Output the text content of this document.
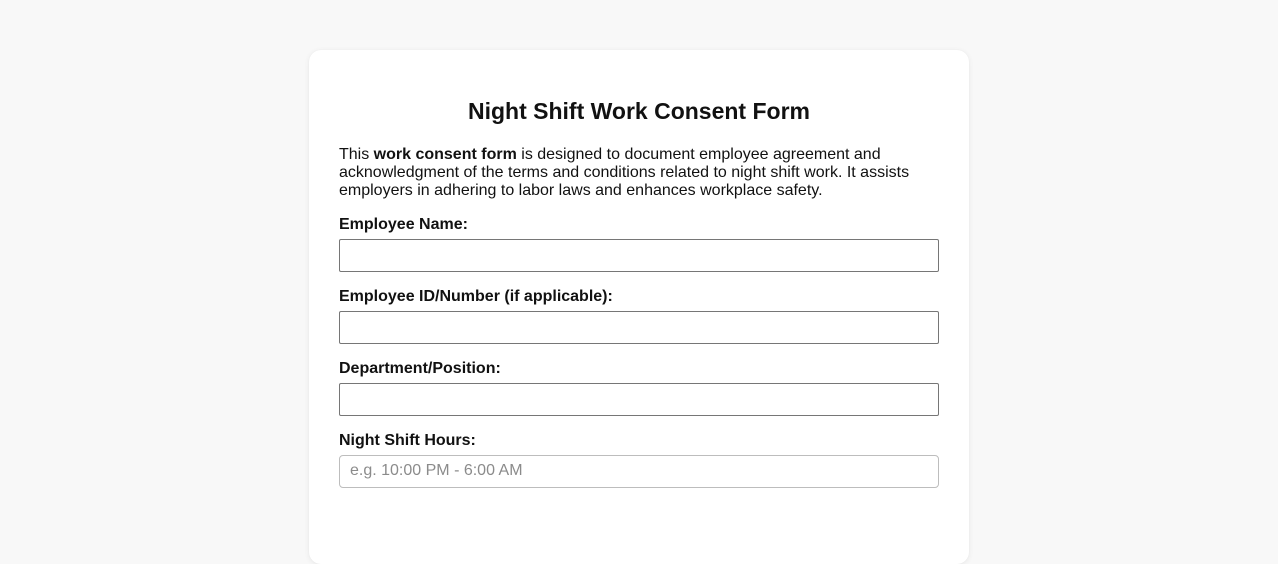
Night Shift Work Consent Form

This work consent form is designed to document employee agreement and acknowledgment of the terms and conditions related to night shift work. It assists employers in adhering to labor laws and enhances workplace safety.

Employee Name:
Employee ID/Number (if applicable):
Department/Position:
Night Shift Hours:
e.g. 10:00 PM - 6:00 AM
